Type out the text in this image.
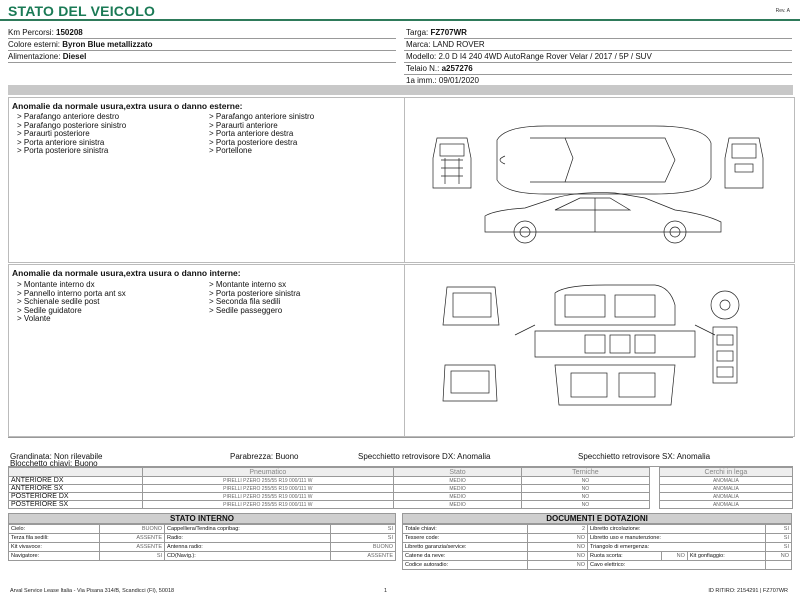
STATO DEL VEICOLO	Rev. A
Km Percorsi: 150208
Colore esterni: Byron Blue metallizzato
Alimentazione: Diesel
Targa: FZ707WR
Marca: LAND ROVER
Modello: 2.0 D I4 240 4WD AutoRange Rover Velar / 2017 / 5P / SUV
Telaio N.: a257276
1a imm.: 09/01/2020
Anomalie da normale usura,extra usura o danno esterne:
> Parafango anteriore destro
> Parafango posteriore sinistro
> Paraurti posteriore
> Porta anteriore sinistra
> Porta posteriore sinistra
> Parafango anteriore sinistro
> Paraurti anteriore
> Porta anteriore destra
> Porta posteriore destra
> Portellone
Anomalie da normale usura,extra usura o danno interne:
> Montante interno dx
> Pannello interno porta ant sx
> Schienale sedile post
> Sedile guidatore
> Volante
> Montante interno sx
> Porta posteriore sinistra
> Seconda fila sedili
> Sedile passeggero
Grandinata: Non rilevabile	Parabrezza: Buono	Specchietto retrovisore DX: Anomalia	Specchietto retrovisore SX: Anomalia
Blocchetto chiavi: Buono
	Pneumatico	Stato	Terniche		Cerchi in lega
ANTERIORE DX	PIRELLI PZERO 255/55 R19 000/111 W	MEDIO	NO		ANOMALIA
ANTERIORE SX	PIRELLI PZERO 255/55 R19 000/111 W	MEDIO	NO		ANOMALIA
POSTERIORE DX	PIRELLI PZERO 255/55 R19 000/111 W	MEDIO	NO		ANOMALIA
POSTERIORE SX	PIRELLI PZERO 255/55 R19 000/111 W	MEDIO	NO		ANOMALIA
STATO INTERNO
Cielo:	BUONO	Cappelliera/Tendina copribag:	SI
Terza fila sedili:	ASSENTE	Radio:	SI
Kit vivavoce:	ASSENTE	Antenna radio:	BUONO
Navigatore:	SI	CD(Navig.):	ASSENTE
DOCUMENTI E DOTAZIONI
Totale chiavi:	2	Libretto circolazione:			SI
Tessere code:	NO	Libretto uso e manutenzione:			SI
Libretto garanzia/service:	NO	Triangolo di emergenza:			SI
Catene da neve:	NO	Ruota scorta:	NO	Kit gonfiaggio:	NO
Codice autoradio:	NO	Cavo elettrico:			
Arval Service Lease Italia - Via Pisana 314/B, Scandicci (FI), 50018	1	ID RITIRO: 2154291 | FZ707WR
